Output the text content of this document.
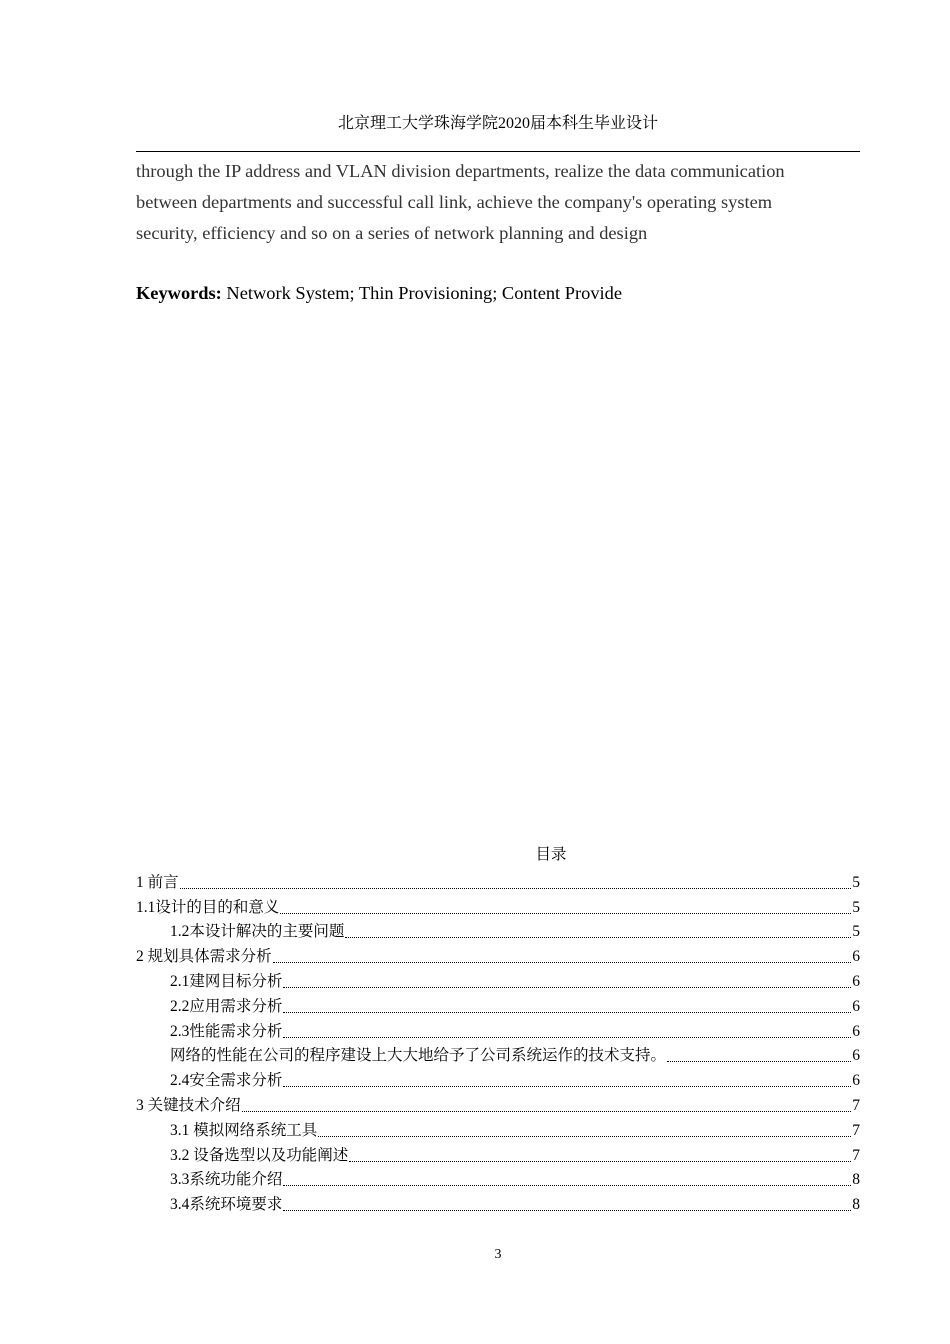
北京理工大学珠海学院2020届本科生毕业设计
through the IP address and VLAN division departments, realize the data communication
between departments and successful call link, achieve the company's operating system
security, efficiency and so on a series of network planning and design
Keywords: Network System; Thin Provisioning; Content Provide
目录
1 前言	5
1.1设计的目的和意义	5
1.2本设计解决的主要问题	5
2 规划具体需求分析	6
2.1建网目标分析	6
2.2应用需求分析	6
2.3性能需求分析	6
网络的性能在公司的程序建设上大大地给予了公司系统运作的技术支持。	6
2.4安全需求分析	6
3 关键技术介绍	7
3.1 模拟网络系统工具	7
3.2 设备选型以及功能阐述	7
3.3系统功能介绍	8
3.4系统环境要求	8
3
